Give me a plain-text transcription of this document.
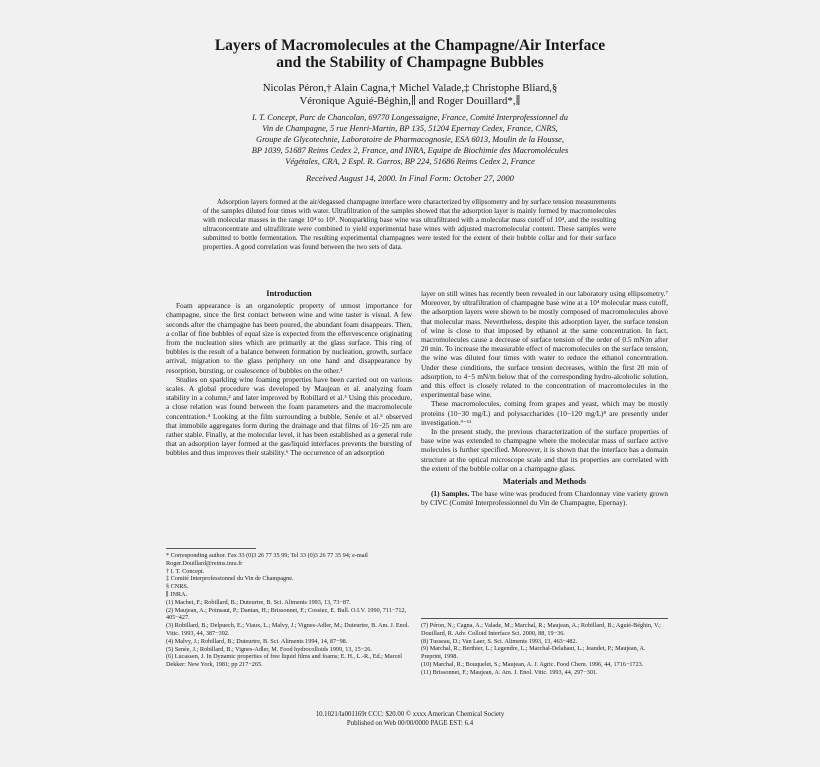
Layers of Macromolecules at the Champagne/Air Interface
and the Stability of Champagne Bubbles
Nicolas Péron,† Alain Cagna,† Michel Valade,‡ Christophe Bliard,§
Véronique Aguié-Béghin,∥ and Roger Douillard*,∥
I. T. Concept, Parc de Chancolan, 69770 Longessaigne, France, Comité Interprofessionnel du
Vin de Champagne, 5 rue Henri-Martin, BP 135, 51204 Epernay Cedex, France, CNRS,
Groupe de Glycotechnie, Laboratoire de Pharmacognosie, ESA 6013, Moulin de la Housse,
BP 1039, 51687 Reims Cedex 2, France, and INRA, Equipe de Biochimie des Macromolécules
Végétales, CRA, 2 Espl. R. Garros, BP 224, 51686 Reims Cedex 2, France
Received August 14, 2000. In Final Form: October 27, 2000

Adsorption layers formed at the air/degassed champagne interface were characterized by ellipsometry and by surface tension measurements of the samples diluted four times with water. Ultrafiltration of the samples showed that the adsorption layer is mainly formed by macromolecules with molecular masses in the range 10⁴ to 10⁵. Nonsparkling base wine was ultrafiltrated with a molecular mass cutoff of 10⁴, and the resulting ultraconcentrate and ultrafiltrate were combined to yield experimental base wines with adjusted macromolecular content. These samples were submitted to bottle fermentation. The resulting experimental champagnes were tested for the extent of their bubble collar and for their surface properties. A good correlation was found between the two sets of data.

Introduction

Foam appearance is an organoleptic property of utmost importance for champagne, since the first contact between wine and wine taster is visual. A few seconds after the champagne has been poured, the abundant foam disappears. Then, a collar of fine bubbles of equal size is expected from the effervescence originating from the nucleation sites which are primarily at the glass surface. This ring of bubbles is the result of a balance between formation by nucleation, growth, surface arrival, migration to the glass periphery on one hand and disappearance by resorption, bursting, or coalescence of bubbles on the other.¹

Studies on sparkling wine foaming properties have been carried out on various scales. A global procedure was developed by Maujean et al. analyzing foam stability in a column,² and later improved by Robillard et al.³ Using this procedure, a close relation was found between the foam parameters and the macromolecule concentration.⁴ Looking at the film surrounding a bubble, Senée et al.⁵ observed that immobile aggregates form during the drainage and that films of 16−25 nm are rather stable. Finally, at the molecular level, it has been established as a general rule that an adsorption layer formed at the gas/liquid interfaces prevents the bursting of bubbles and thus improves their stability.⁶ The occurrence of an adsorption

layer on still wines has recently been revealed in our laboratory using ellipsometry.⁷ Moreover, by ultrafiltration of champagne base wine at a 10⁴ molecular mass cutoff, the adsorption layers were shown to be mostly composed of macromolecules above that molecular mass. Nevertheless, despite this adsorption layer, the surface tension of wine is close to that imposed by ethanol at the same concentration. In fact, macromolecules cause a decrease of surface tension of the order of 0.5 mN/m after 20 min. To increase the measurable effect of macromolecules on the surface tension, the wine was diluted four times with water to reduce the ethanol concentration. Under these conditions, the surface tension decreases, within the first 20 min of adsorption, to 4−5 mN/m below that of the corresponding hydro-alcoholic solution, and this effect is closely related to the concentration of macromolecules in the experimental base wine.

These macromolecules, coming from grapes and yeast, which may be mostly proteins (10−30 mg/L) and polysaccharides (10−120 mg/L)⁸ are presently under investigation.⁹⁻¹¹

In the present study, the previous characterization of the surface properties of base wine was extended to champagne where the molecular mass of surface active molecules is further specified. Moreover, it is shown that the interface has a domain structure at the optical microscope scale and that its properties are correlated with the extent of the bubble collar on a champagne glass.

Materials and Methods

(1) Samples. The base wine was produced from Chardonnay vine variety grown by CIVC (Comité Interprofessionnel du Vin de Champagne, Epernay).

* Corresponding author. Fax 33 (0)3 26 77 35 99; Tel 33 (0)3 26 77 35 94; e-mail Roger.Douillard@reims.inra.fr
† I. T. Concept.
‡ Comité Interprofessionnel du Vin de Champagne.
§ CNRS.
∥ INRA.
(1) Machet, F.; Robillard, B.; Duteurtre, B. Sci. Aliments 1993, 13, 73−87.
(2) Maujean, A.; Poinsaut, P.; Dantan, H.; Brissonnet, F.; Cossiez, E. Bull. O.I.V. 1990, 711−712, 405−427.
(3) Robillard, B.; Delpuech, E.; Viaux, L.; Malvy, J.; Vignes-Adler, M.; Duteurtre, B. Am. J. Enol. Vitic. 1993, 44, 387−392.
(4) Malvy, J.; Robillard, B.; Duteurtre, B. Sci. Aliments 1994, 14, 87−98.
(5) Senée, J.; Robillard, B.; Vignes-Adler, M. Food hydrocolloids 1999, 13, 15−26.
(6) Lucassen, J. In Dynamic properties of free liquid films and foams; E. H., L.-R., Ed.; Marcel Dekker: New York, 1981; pp 217−265.
(7) Péron, N.; Cagna, A.; Valade, M.; Marchal, R.; Maujean, A.; Robillard, B.; Aguié-Béghin, V.; Douillard, R. Adv. Colloid Interface Sci. 2000, 88, 19−36.
(8) Tusseau, D.; Van Laer, S. Sci. Aliments 1993, 13, 463−482.
(9) Marchal, R.; Berthier, L.; Legendre, L.; Marchal-Delahaut, L.; Jeandet, P.; Maujean, A. Preprint, 1998.
(10) Marchal, R.; Bouquelet, S.; Maujean, A. J. Agric. Food Chem. 1996, 44, 1716−1723.
(11) Brissonnet, F.; Maujean, A. Am. J. Enol. Vitic. 1993, 44, 297−301.
10.1021/la001169t CCC: $20.00 © xxxx American Chemical Society
Published on Web 00/00/0000 PAGE EST: 6.4
